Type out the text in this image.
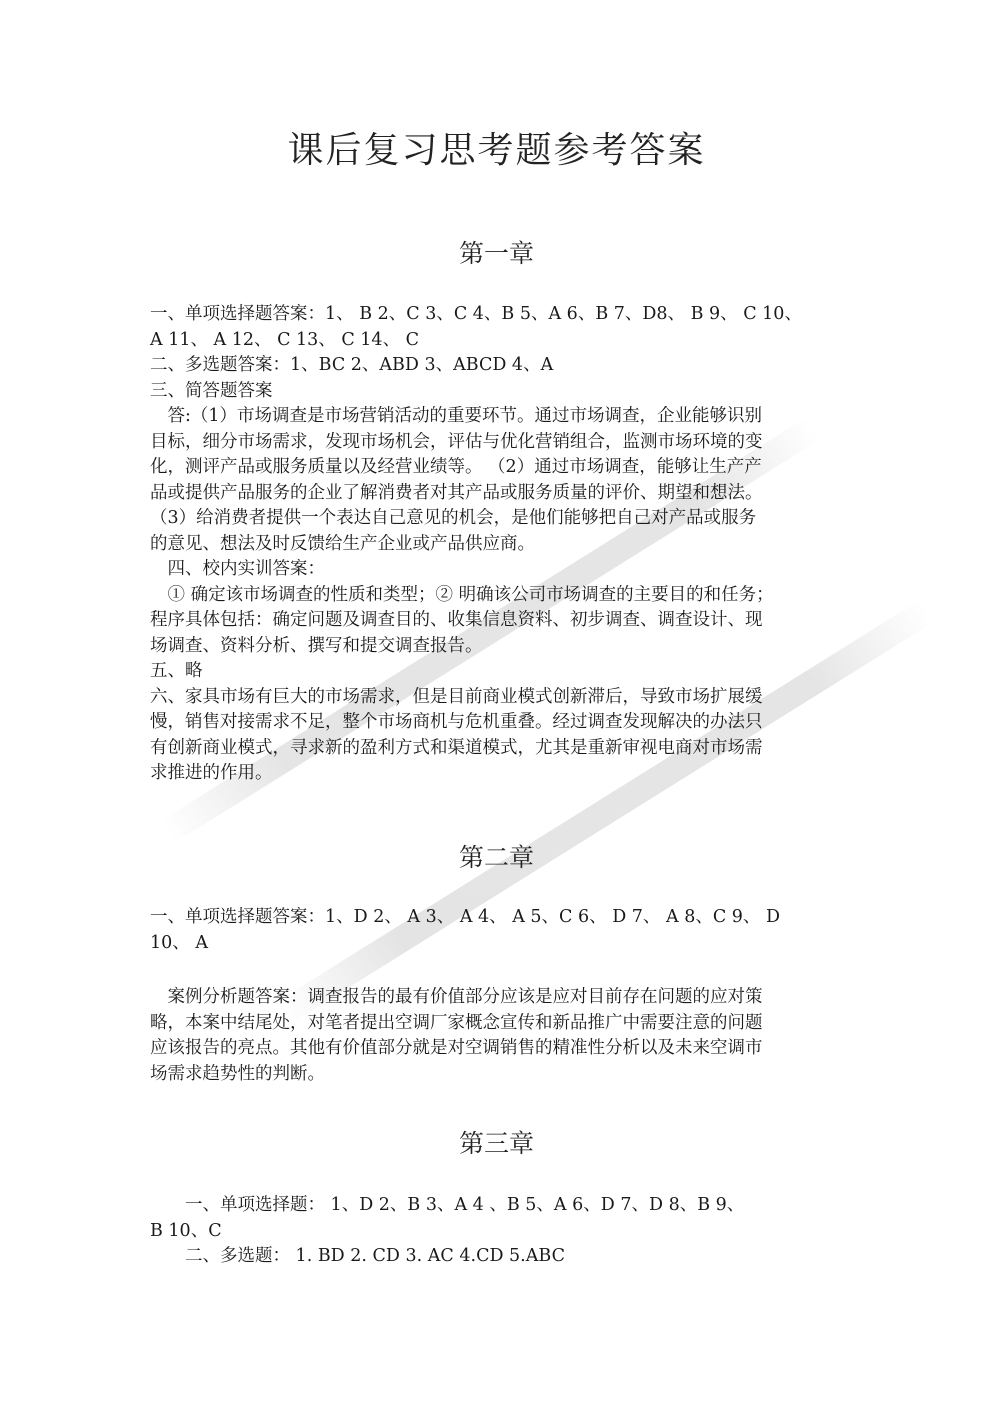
课后复习思考题参考答案
第一章

一、单项选择题答案：1、 B 2、C 3、C 4、B 5、A 6、B 7、D8、 B 9、 C 10、

A 11、 A 12、 C 13、 C 14、 C

二、多选题答案：1、BC 2、ABD 3、ABCD 4、A

三、简答题答案

答:（1）市场调查是市场营销活动的重要环节。通过市场调查，企业能够识别

目标，细分市场需求，发现市场机会，评估与优化营销组合，监测市场环境的变

化，测评产品或服务质量以及经营业绩等。 （2）通过市场调查，能够让生产产

品或提供产品服务的企业了解消费者对其产品或服务质量的评价、期望和想法。

（3）给消费者提供一个表达自己意见的机会，是他们能够把自己对产品或服务

的意见、想法及时反馈给生产企业或产品供应商。

四、校内实训答案：

① 确定该市场调查的性质和类型；② 明确该公司市场调查的主要目的和任务；

程序具体包括：确定问题及调查目的、收集信息资料、初步调查、调查设计、现

场调查、资料分析、撰写和提交调查报告。

五、略

六、家具市场有巨大的市场需求，但是目前商业模式创新滞后，导致市场扩展缓

慢，销售对接需求不足，整个市场商机与危机重叠。经过调查发现解决的办法只

有创新商业模式，寻求新的盈利方式和渠道模式，尤其是重新审视电商对市场需

求推进的作用。

第二章

一、单项选择题答案：1、D 2、 A 3、 A 4、 A 5、C 6、 D 7、 A 8、C 9、 D

10、 A

案例分析题答案：调查报告的最有价值部分应该是应对目前存在问题的应对策

略，本案中结尾处，对笔者提出空调厂家概念宣传和新品推广中需要注意的问题

应该报告的亮点。其他有价值部分就是对空调销售的精准性分析以及未来空调市

场需求趋势性的判断。

第三章

一、单项选择题： 1、D 2、B 3、A 4 、B 5、A 6、D 7、D 8、B 9、

B 10、C

二、多选题： 1. BD 2. CD 3. AC 4.CD 5.ABC
